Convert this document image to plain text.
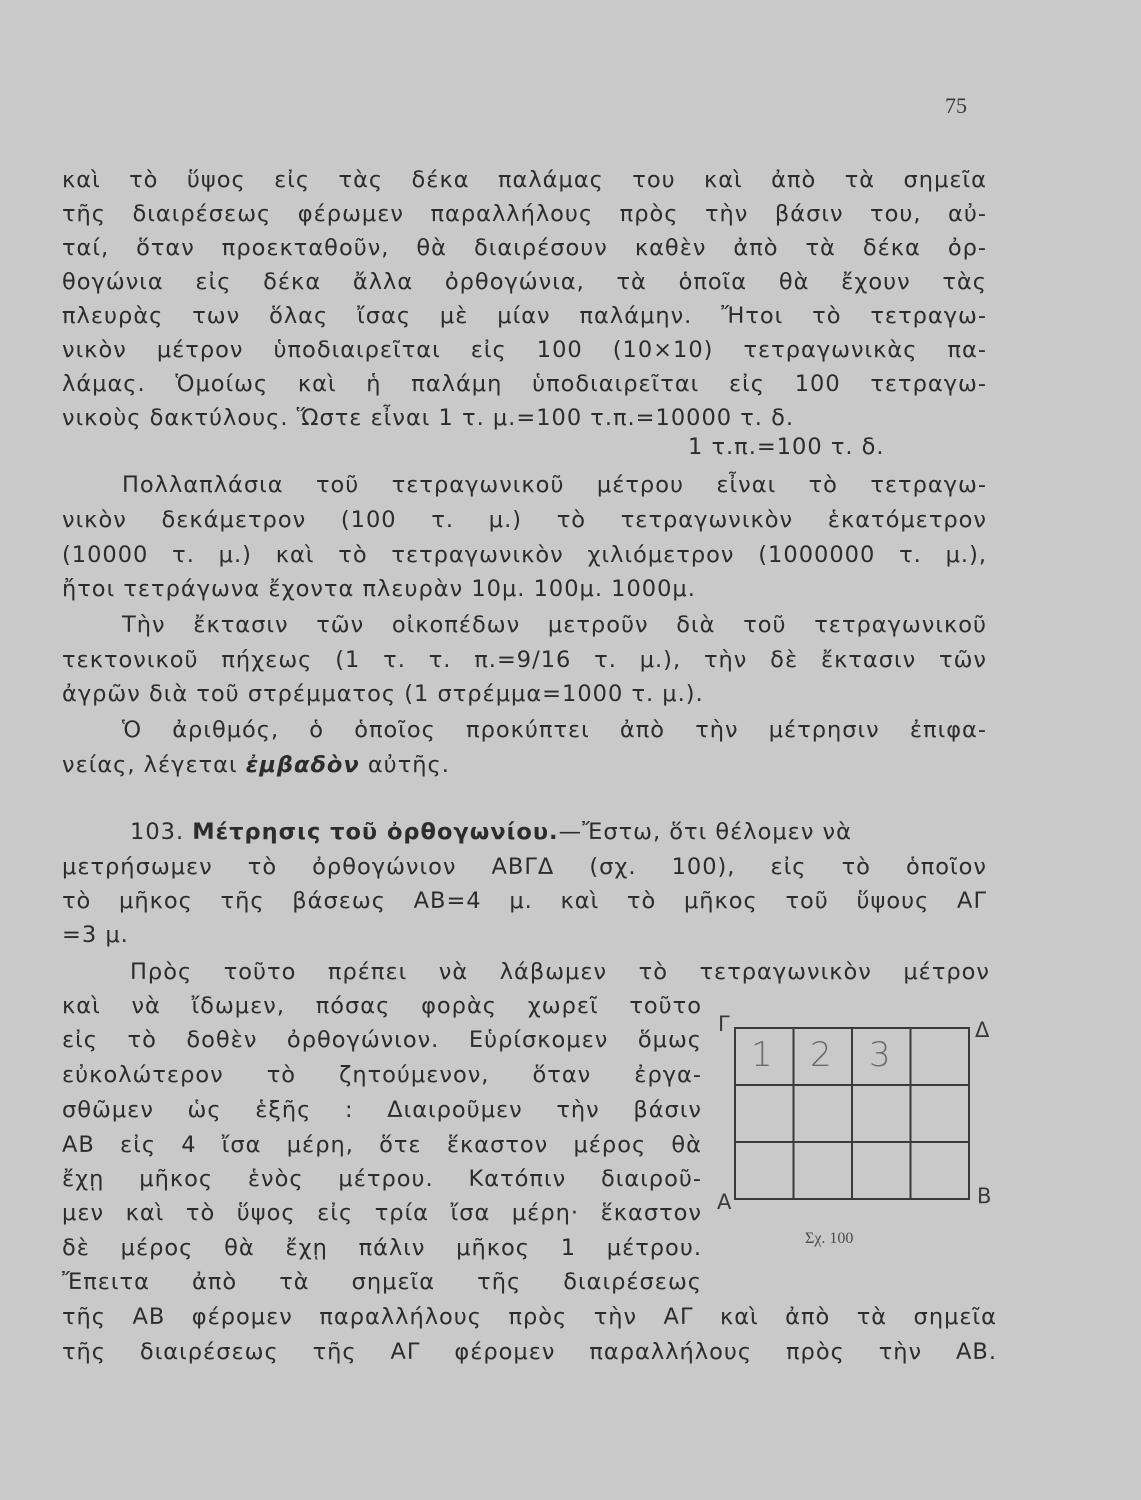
75
καὶ τὸ ὕψος εἰς τὰς δέκα παλάμας του καὶ ἀπὸ τὰ σημεῖα
τῆς διαιρέσεως φέρωμεν παραλλήλους πρὸς τὴν βάσιν του, αὐ-
ταί, ὅταν προεκταθοῦν, θὰ διαιρέσουν καθὲν ἀπὸ τὰ δέκα ὀρ-
θογώνια εἰς δέκα ἄλλα ὀρθογώνια, τὰ ὁποῖα θὰ ἔχουν τὰς
πλευρὰς των ὅλας ἴσας μὲ μίαν παλάμην. Ἤτοι τὸ τετραγω-
νικὸν μέτρον ὑποδιαιρεῖται εἰς 100 (10×10) τετραγωνικὰς πα-
λάμας. Ὁμοίως καὶ ἡ παλάμη ὑποδιαιρεῖται εἰς 100 τετραγω-
νικοὺς δακτύλους. Ὥστε εἶναι 1 τ. μ.=100 τ.π.=10000 τ. δ.
1 τ.π.=100 τ. δ.
Πολλαπλάσια τοῦ τετραγωνικοῦ μέτρου εἶναι τὸ τετραγω-
νικὸν δεκάμετρον (100 τ. μ.) τὸ τετραγωνικὸν ἑκατόμετρον
(10000 τ. μ.) καὶ τὸ τετραγωνικὸν χιλιόμετρον (1000000 τ. μ.),
ἤτοι τετράγωνα ἔχοντα πλευρὰν 10μ. 100μ. 1000μ.
Τὴν ἔκτασιν τῶν οἰκοπέδων μετροῦν διὰ τοῦ τετραγωνικοῦ
τεκτονικοῦ πήχεως (1 τ. τ. π.=9/16 τ. μ.), τὴν δὲ ἔκτασιν τῶν
ἀγρῶν διὰ τοῦ στρέμματος (1 στρέμμα=1000 τ. μ.).
Ὁ ἀριθμός, ὁ ὁποῖος προκύπτει ἀπὸ τὴν μέτρησιν ἐπιφα-
νείας, λέγεται ἐμβαδὸν αὐτῆς.
103. Μέτρησις τοῦ ὀρθογωνίου.—Ἔστω, ὅτι θέλομεν νὰ
μετρήσωμεν τὸ ὀρθογώνιον ΑΒΓΔ (σχ. 100), εἰς τὸ ὁποῖον
τὸ μῆκος τῆς βάσεως ΑΒ=4 μ. καὶ τὸ μῆκος τοῦ ὕψους ΑΓ
=3 μ.
Πρὸς τοῦτο πρέπει νὰ λάβωμεν τὸ τετραγωνικὸν μέτρον
καὶ νὰ ἴδωμεν, πόσας φορὰς χωρεῖ τοῦτο
εἰς τὸ δοθὲν ὀρθογώνιον. Εὑρίσκομεν ὅμως
εὐκολώτερον τὸ ζητούμενον, ὅταν ἐργα-
σθῶμεν ὡς ἑξῆς : Διαιροῦμεν τὴν βάσιν
ΑΒ εἰς 4 ἴσα μέρη, ὅτε ἕκαστον μέρος θὰ
ἔχῃ μῆκος ἑνὸς μέτρου. Κατόπιν διαιροῦ-
μεν καὶ τὸ ὕψος εἰς τρία ἴσα μέρη· ἕκαστον
δὲ μέρος θὰ ἔχῃ πάλιν μῆκος 1 μέτρου.
Ἔπειτα ἀπὸ τὰ σημεῖα τῆς διαιρέσεως
τῆς ΑΒ φέρομεν παραλλήλους πρὸς τὴν ΑΓ καὶ ἀπὸ τὰ σημεῖα
τῆς διαιρέσεως τῆς ΑΓ φέρομεν παραλλήλους πρὸς τὴν ΑΒ.
Γ	Δ
Α	Β
1 2 3
Σχ. 100
